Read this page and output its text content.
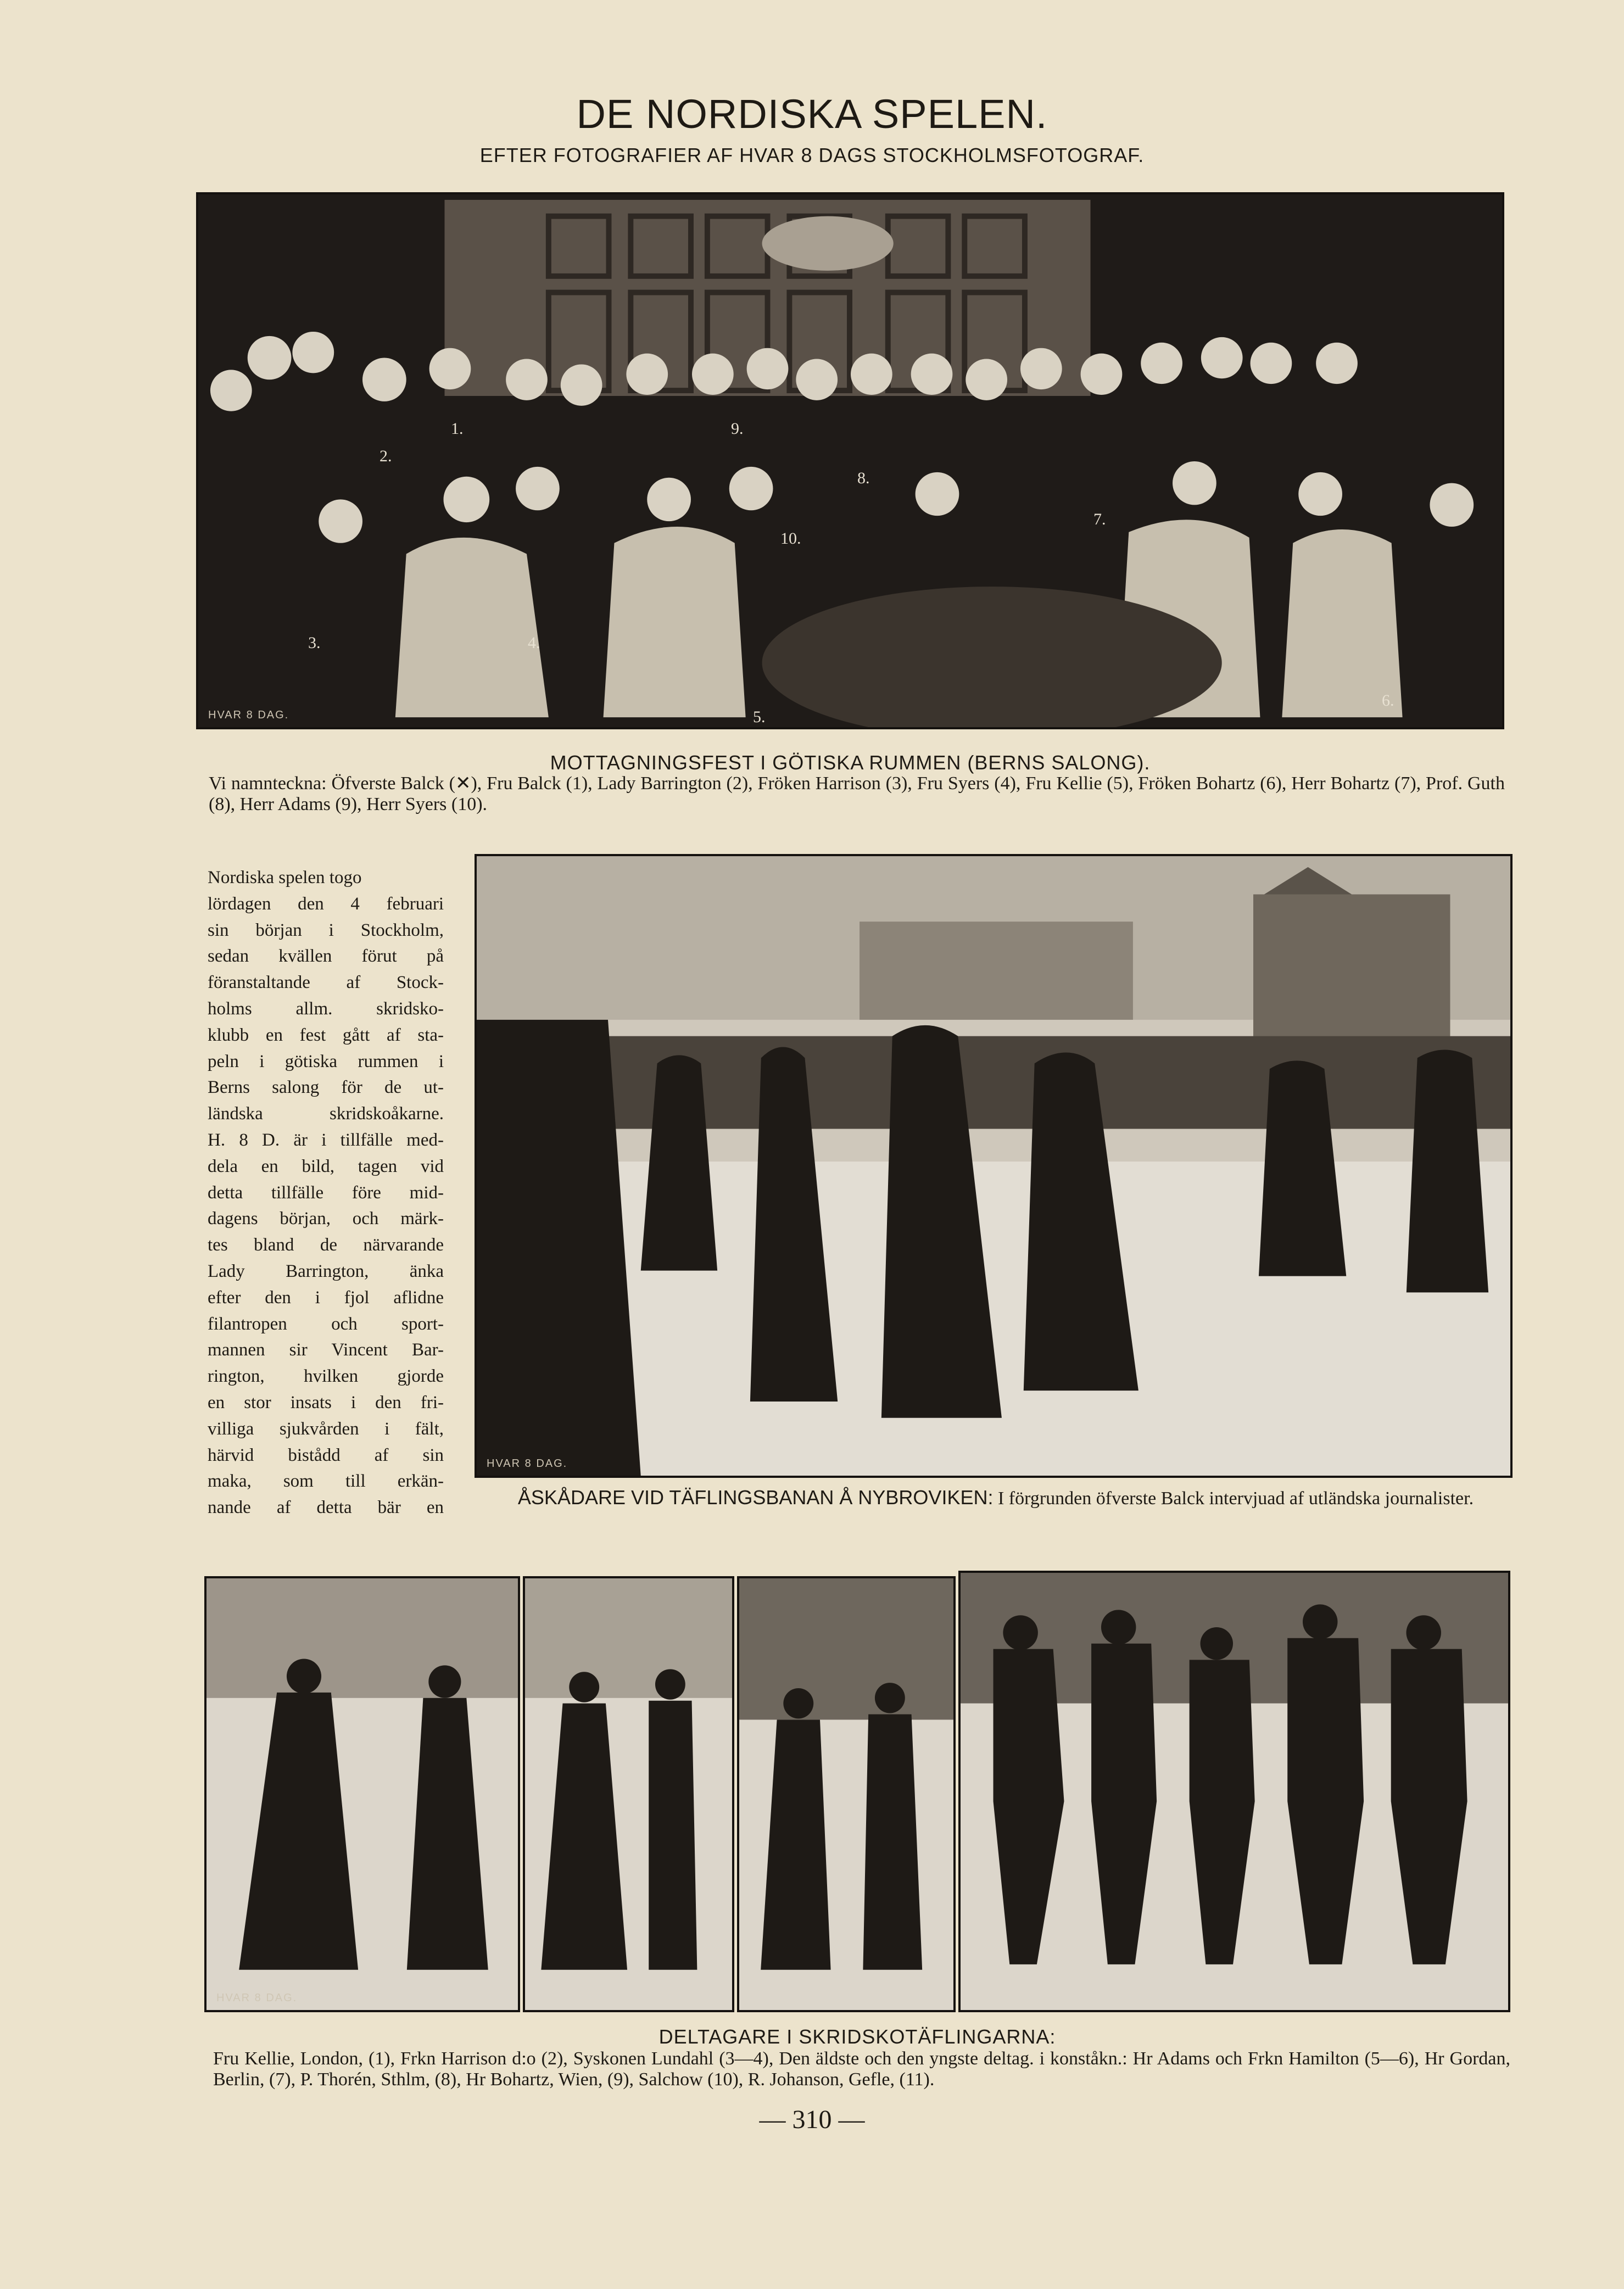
DE NORDISKA SPELEN.
EFTER FOTOGRAFIER AF HVAR 8 DAGS STOCKHOLMSFOTOGRAF.
HVAR 8 DAG.
1.
2.
3.	4.
5.
6.
7.
8.
9.
10.
MOTTAGNINGSFEST I GÖTISKA RUMMEN (BERNS SALONG).
Vi namnteckna: Öfverste Balck (✕), Fru Balck (1), Lady Barrington (2), Fröken Harrison (3), Fru Syers (4), Fru Kellie (5), Fröken Bohartz (6), Herr Bohartz (7), Prof. Guth (8), Herr Adams (9), Herr Syers (10).
Nordiska spelen togo
lördagen den 4 februari
sin början i Stockholm,
sedan kvällen förut på
föranstaltande af Stock-
holms allm. skridsko-
klubb en fest gått af sta-
peln i götiska rummen i
Berns salong för de ut-
ländska skridskoåkarne.
H. 8 D. är i tillfälle med-
dela en bild, tagen vid
detta tillfälle före mid-
dagens början, och märk-
tes bland de närvarande
Lady Barrington, änka
efter den i fjol aflidne
filantropen och sport-
mannen sir Vincent Bar-
rington, hvilken gjorde
en stor insats i den fri-
villiga sjukvården i fält,
härvid bistådd af sin
maka, som till erkän-
nande af detta bär en
HVAR 8 DAG.
ÅSKÅDARE VID TÄFLINGSBANAN Å NYBROVIKEN: I förgrunden öfverste Balck intervjuad af utländska journalister.
HVAR 8 DAG.
DELTAGARE I SKRIDSKOTÄFLINGARNA:
Fru Kellie, London, (1), Frkn Harrison d:o (2), Syskonen Lundahl (3—4), Den äldste och den yngste deltag. i konståkn.: Hr Adams och Frkn Hamilton (5—6), Hr Gordan, Berlin, (7), P. Thorén, Sthlm, (8), Hr Bohartz, Wien, (9), Salchow (10), R. Johanson, Gefle, (11).
— 310 —
